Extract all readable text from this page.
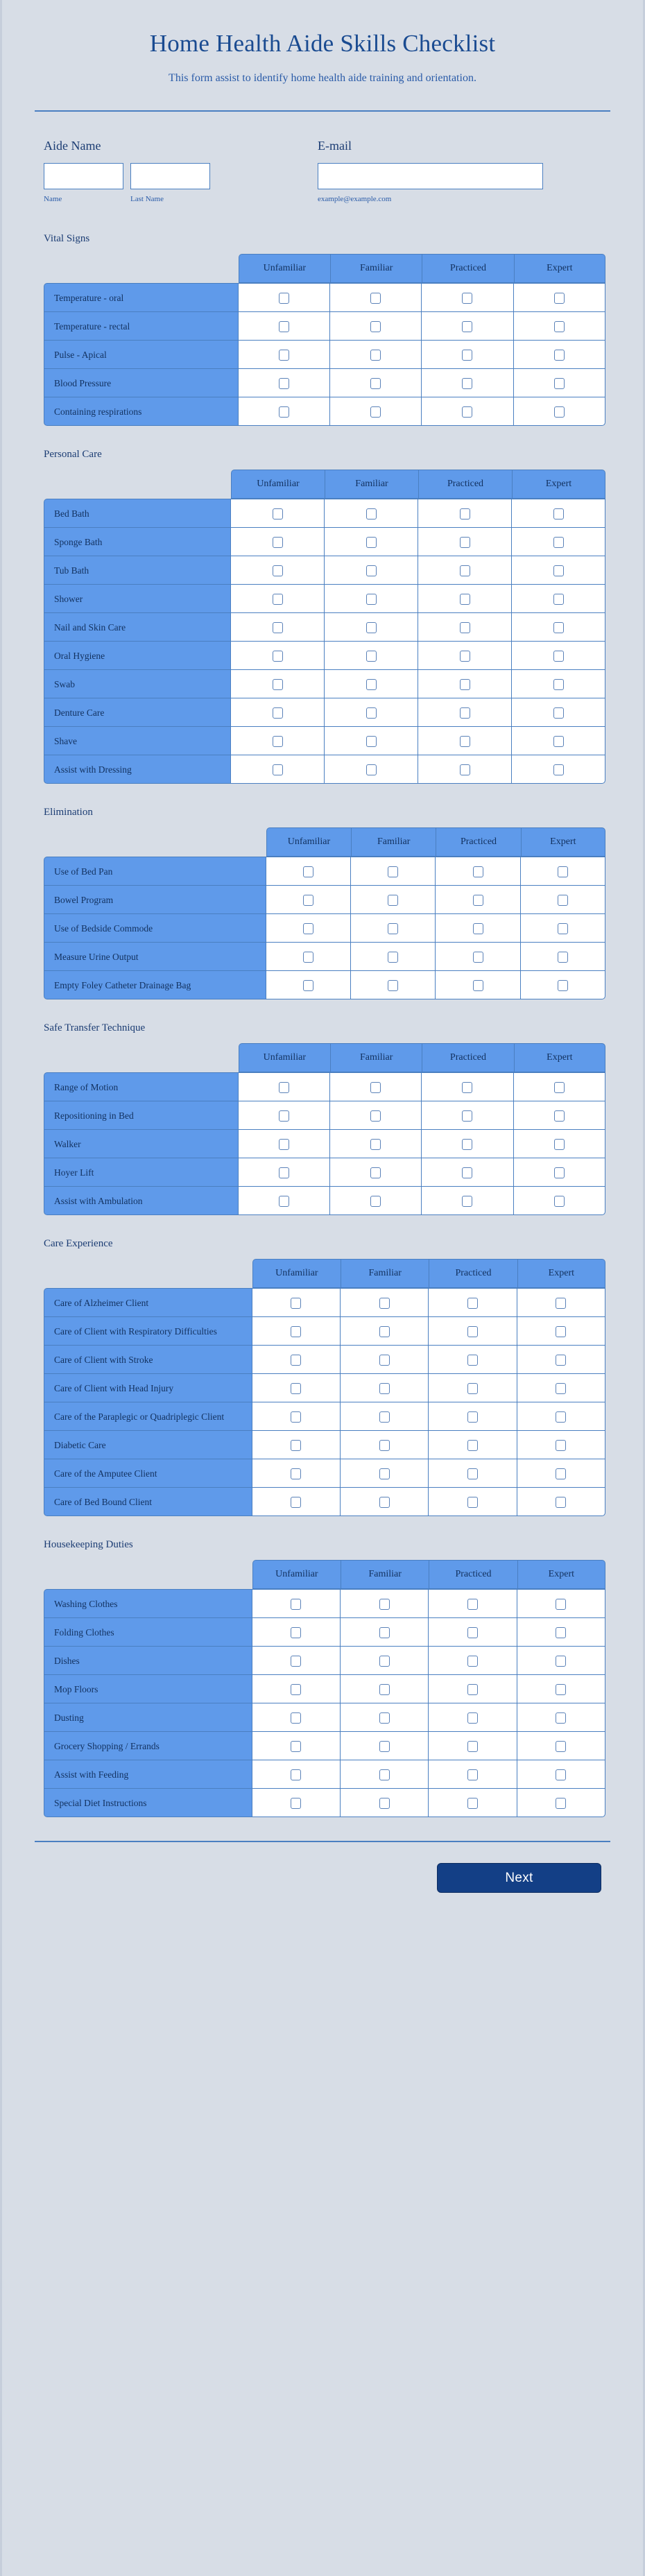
Home Health Aide Skills Checklist

This form assist to identify home health aide training and orientation.

Aide Name
Name	Last Name
E-mail
example@example.com
Vital Signs
	Unfamiliar	Familiar	Practiced	Expert
Temperature - oral				
Temperature - rectal				
Pulse - Apical				
Blood Pressure				
Containing respirations				
Personal Care
	Unfamiliar	Familiar	Practiced	Expert
Bed Bath				
Sponge Bath				
Tub Bath				
Shower				
Nail and Skin Care				
Oral Hygiene				
Swab				
Denture Care				
Shave				
Assist with Dressing				
Elimination
	Unfamiliar	Familiar	Practiced	Expert
Use of Bed Pan				
Bowel Program				
Use of Bedside Commode				
Measure Urine Output				
Empty Foley Catheter Drainage Bag				
Safe Transfer Technique
	Unfamiliar	Familiar	Practiced	Expert
Range of Motion				
Repositioning in Bed				
Walker				
Hoyer Lift				
Assist with Ambulation				
Care Experience
	Unfamiliar	Familiar	Practiced	Expert
Care of Alzheimer Client				
Care of Client with Respiratory Difficulties				
Care of Client with Stroke				
Care of Client with Head Injury				
Care of the Paraplegic or Quadriplegic Client				
Diabetic Care				
Care of the Amputee Client				
Care of Bed Bound Client				
Housekeeping Duties
	Unfamiliar	Familiar	Practiced	Expert
Washing Clothes				
Folding Clothes				
Dishes				
Mop Floors				
Dusting				
Grocery Shopping / Errands				
Assist with Feeding				
Special Diet Instructions				
Next
